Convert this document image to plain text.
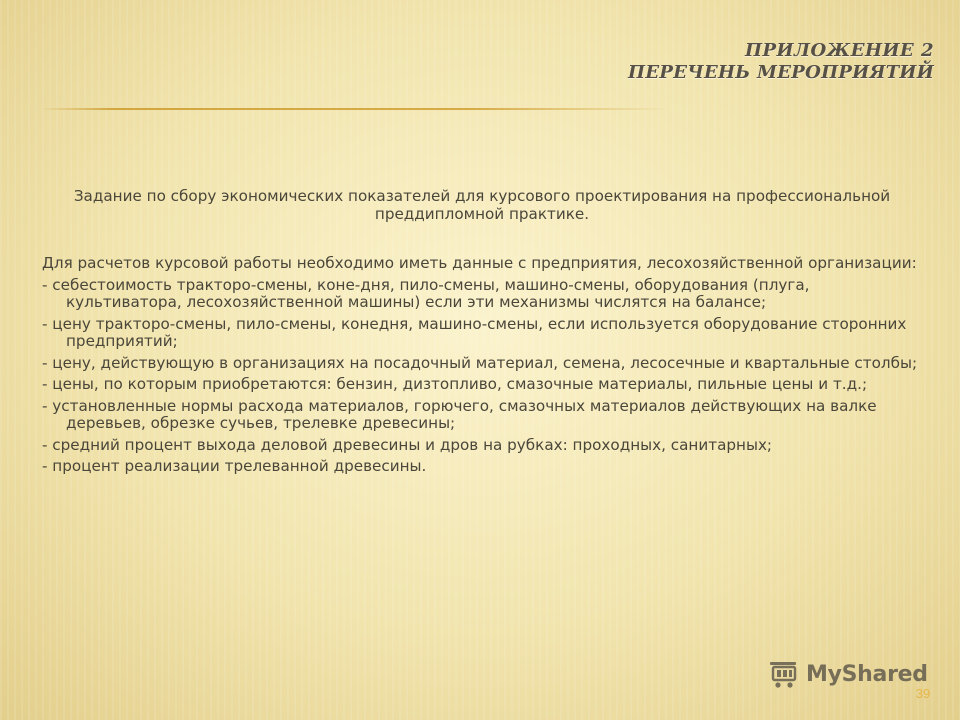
ПРИЛОЖЕНИЕ 2
ПЕРЕЧЕНЬ МЕРОПРИЯТИЙ

Задание по сбору экономических показателей для курсового проектирования на профессиональной преддипломной практике.

Для расчетов курсовой работы необходимо иметь данные с предприятия, лесохозяйственной организации:

- себестоимость тракторо-смены, коне-дня, пило-смены, машино-смены, оборудования (плуга, культиватора, лесохозяйственной машины) если эти механизмы числятся на балансе;

- цену тракторо-смены, пило-смены, конедня, машино-смены, если используется оборудование сторонних предприятий;

- цену, действующую в организациях на посадочный материал, семена, лесосечные и квартальные столбы;

- цены, по которым приобретаются: бензин, дизтопливо, смазочные материалы, пильные цены и т.д.;

- установленные нормы расхода материалов, горючего, смазочных материалов действующих на валке деревьев, обрезке сучьев, трелевке древесины;

- средний процент выхода деловой древесины и дров на рубках: проходных, санитарных;

- процент реализации трелеванной древесины.

MyShared
39
